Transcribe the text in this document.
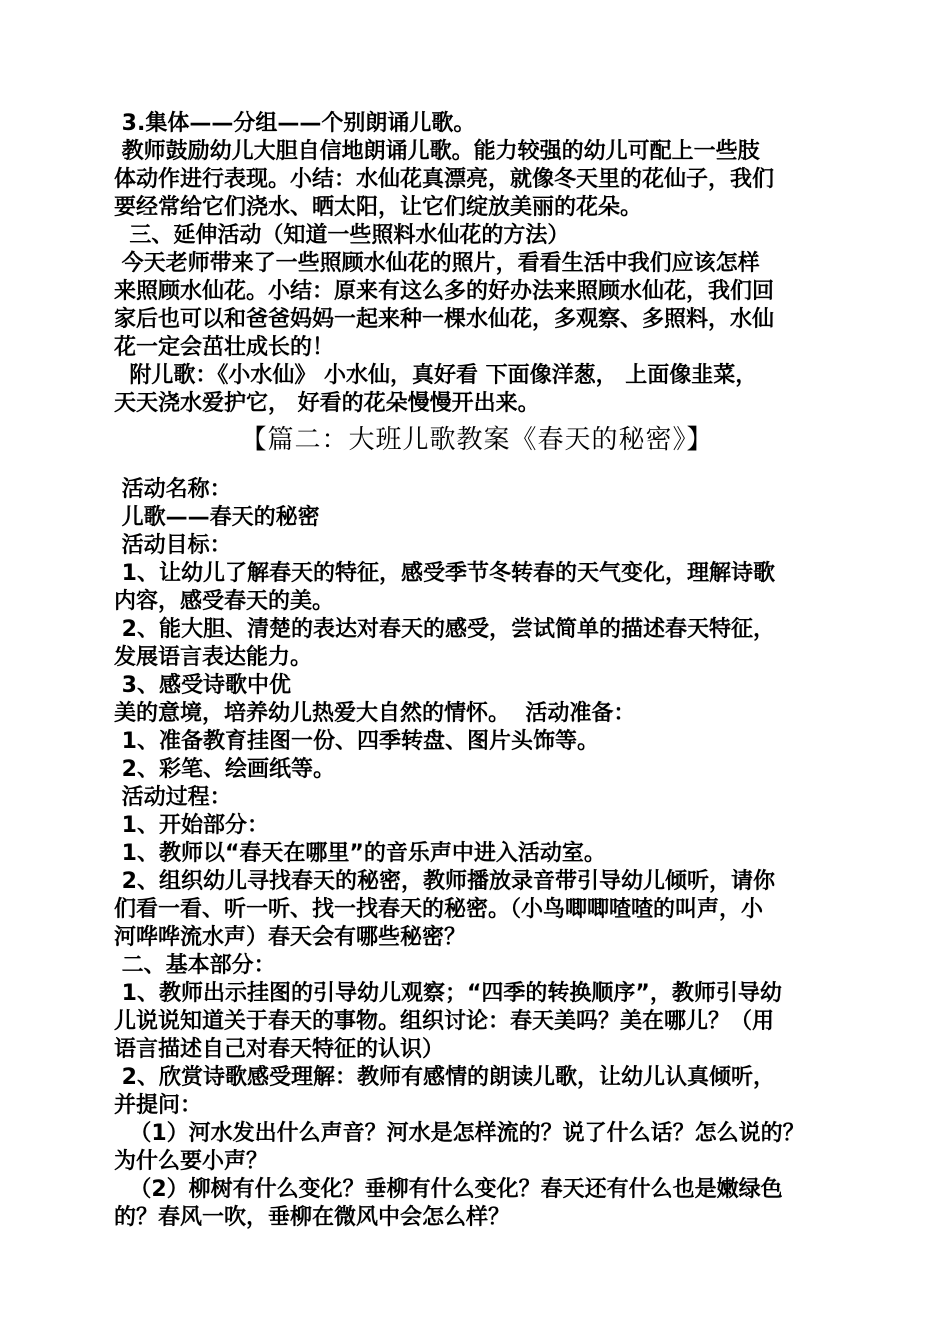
3.集体——分组——个别朗诵儿歌。
教师鼓励幼儿大胆自信地朗诵儿歌。能力较强的幼儿可配上一些肢
体动作进行表现。小结：水仙花真漂亮，就像冬天里的花仙子，我们
要经常给它们浇水、晒太阳，让它们绽放美丽的花朵。
三、延伸活动（知道一些照料水仙花的方法）
今天老师带来了一些照顾水仙花的照片，看看生活中我们应该怎样
来照顾水仙花。小结：原来有这么多的好办法来照顾水仙花，我们回
家后也可以和爸爸妈妈一起来种一棵水仙花，多观察、多照料，水仙
花一定会茁壮成长的！
附儿歌：《小水仙》 小水仙，真好看 下面像洋葱， 上面像韭菜，
天天浇水爱护它， 好看的花朵慢慢开出来。
【篇二：大班儿歌教案《春天的秘密》】
活动名称：
儿歌——春天的秘密
活动目标：
1、让幼儿了解春天的特征，感受季节冬转春的天气变化，理解诗歌
内容，感受春天的美。
2、能大胆、清楚的表达对春天的感受，尝试简单的描述春天特征，
发展语言表达能力。
3、感受诗歌中优
美的意境，培养幼儿热爱大自然的情怀。  活动准备：
1、准备教育挂图一份、四季转盘、图片头饰等。
2、彩笔、绘画纸等。
活动过程：
1、开始部分：
1、教师以“春天在哪里”的音乐声中进入活动室。
2、组织幼儿寻找春天的秘密，教师播放录音带引导幼儿倾听，请你
们看一看、听一听、找一找春天的秘密。（小鸟唧唧喳喳的叫声，小
河哗哗流水声）春天会有哪些秘密？
二、基本部分：
1、教师出示挂图的引导幼儿观察；“四季的转换顺序”，教师引导幼
儿说说知道关于春天的事物。组织讨论：春天美吗？美在哪儿？（用
语言描述自己对春天特征的认识）
2、欣赏诗歌感受理解：教师有感情的朗读儿歌，让幼儿认真倾听，
并提问：
（1）河水发出什么声音？河水是怎样流的？说了什么话？怎么说的？
为什么要小声？
（2）柳树有什么变化？垂柳有什么变化？春天还有什么也是嫩绿色
的？春风一吹，垂柳在微风中会怎么样？
